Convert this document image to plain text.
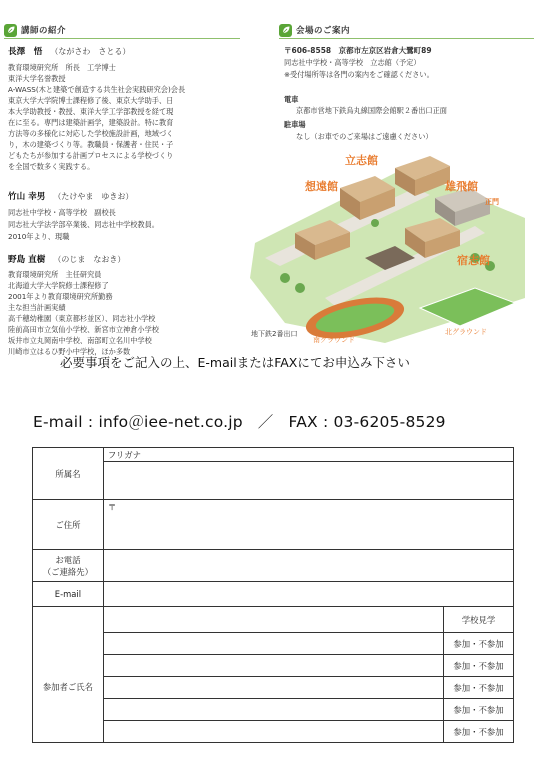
講師の紹介
長澤　悟 （ながさわ　さとる）
教育環境研究所　所長　工学博士
東洋大学名誉教授
A-WASS(木と建築で創造する共生社会実践研究会)会長
東京大学大学院博士課程修了後、東京大学助手、日
本大学助教授・教授、東洋大学工学部教授を経て現
在に至る。専門は建築計画学，建築設計。特に教育
方法等の多様化に対応した学校施設計画，地域づく
り，木の建築づくり等。教職員・保護者・住民・子
どもたちが参加する計画プロセスによる学校づくり
を全国で数多く実践する。
竹山 幸男 （たけやま　ゆきお）
同志社中学校・高等学校　副校長
同志社大学法学部卒業後、同志社中学校教員。
2010年より、現職
野島 直樹 （のじま　なおき）
教育環境研究所　主任研究員
北海道大学大学院修士課程修了
2001年より教育環境研究所勤務
主な担当計画実績
高千穂幼稚園（東京都杉並区）、同志社小学校
陸前高田市立気仙小学校、新宮市立神倉小学校
坂井市立丸岡南中学校、南部町立名川中学校
川崎市立はるひ野小中学校，ほか多数
会場のご案内
〒606-8558　京都市左京区岩倉大鷺町89
同志社中学校・高等学校　立志館（予定）
※受付場所等は各門の案内をご確認ください。
電車
京都市営地下鉄烏丸線国際会館駅２番出口正面
駐車場
なし（お車でのご来場はご遠慮ください）
立志館
想遠館	雄飛館
正門
宿志館
地下鉄2番出口	北グラウンド
南グラウンド
必要事項をご記入の上、E-mailまたはFAXにてお申込み下さい
E-mail : info＠iee-net.co.jp ／ FAX : 03-6205-8529
所属名	フリガナ	

ご住所	〒	

お電話
（ご連絡先）		

E-mail		
		学校見学
参加者ご氏名		参加・不参加
		参加・不参加
		参加・不参加
		参加・不参加
		参加・不参加
